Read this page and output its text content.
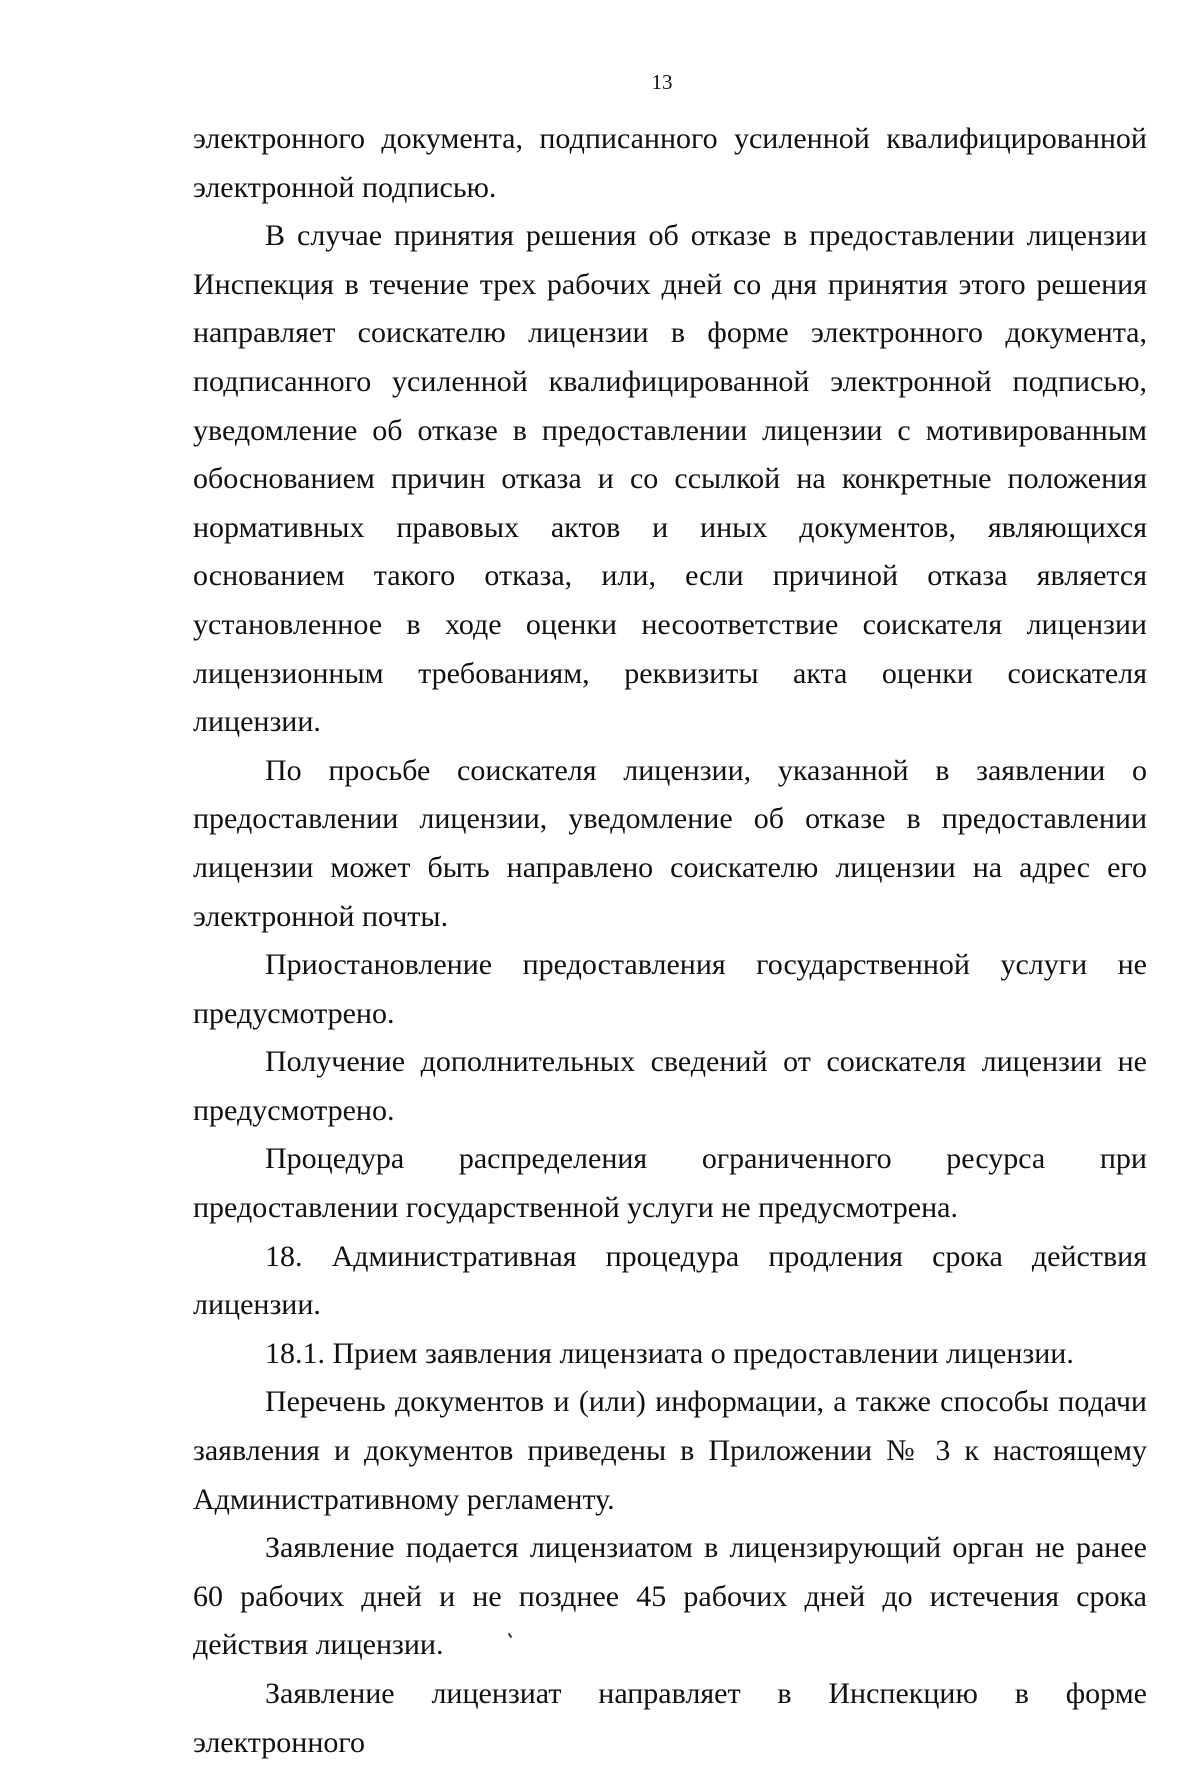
13

электронного документа, подписанного усиленной квалифицированной электронной подписью.

В случае принятия решения об отказе в предоставлении лицензии Инспекция в течение трех рабочих дней со дня принятия этого решения направляет соискателю лицензии в форме электронного документа, подписанного усиленной квалифицированной электронной подписью, уведомление об отказе в предоставлении лицензии с мотивированным обоснованием причин отказа и со ссылкой на конкретные положения нормативных правовых актов и иных документов, являющихся основанием такого отказа, или, если причиной отказа является установленное в ходе оценки несоответствие соискателя лицензии лицензионным требованиям, реквизиты акта оценки соискателя лицензии.

По просьбе соискателя лицензии, указанной в заявлении о предоставлении лицензии, уведомление об отказе в предоставлении лицензии может быть направлено соискателю лицензии на адрес его электронной почты.

Приостановление предоставления государственной услуги не предусмотрено.

Получение дополнительных сведений от соискателя лицензии не предусмотрено.

Процедура распределения ограниченного ресурса при предоставлении государственной услуги не предусмотрена.

18. Административная процедура продления срока действия лицензии.

18.1. Прием заявления лицензиата о предоставлении лицензии.

Перечень документов и (или) информации, а также способы подачи заявления и документов приведены в Приложении № 3 к настоящему Административному регламенту.

Заявление подается лицензиатом в лицензирующий орган не ранее 60 рабочих дней и не позднее 45 рабочих дней до истечения срока действия лицензии.

Заявление лицензиат направляет в Инспекцию в форме электронного
